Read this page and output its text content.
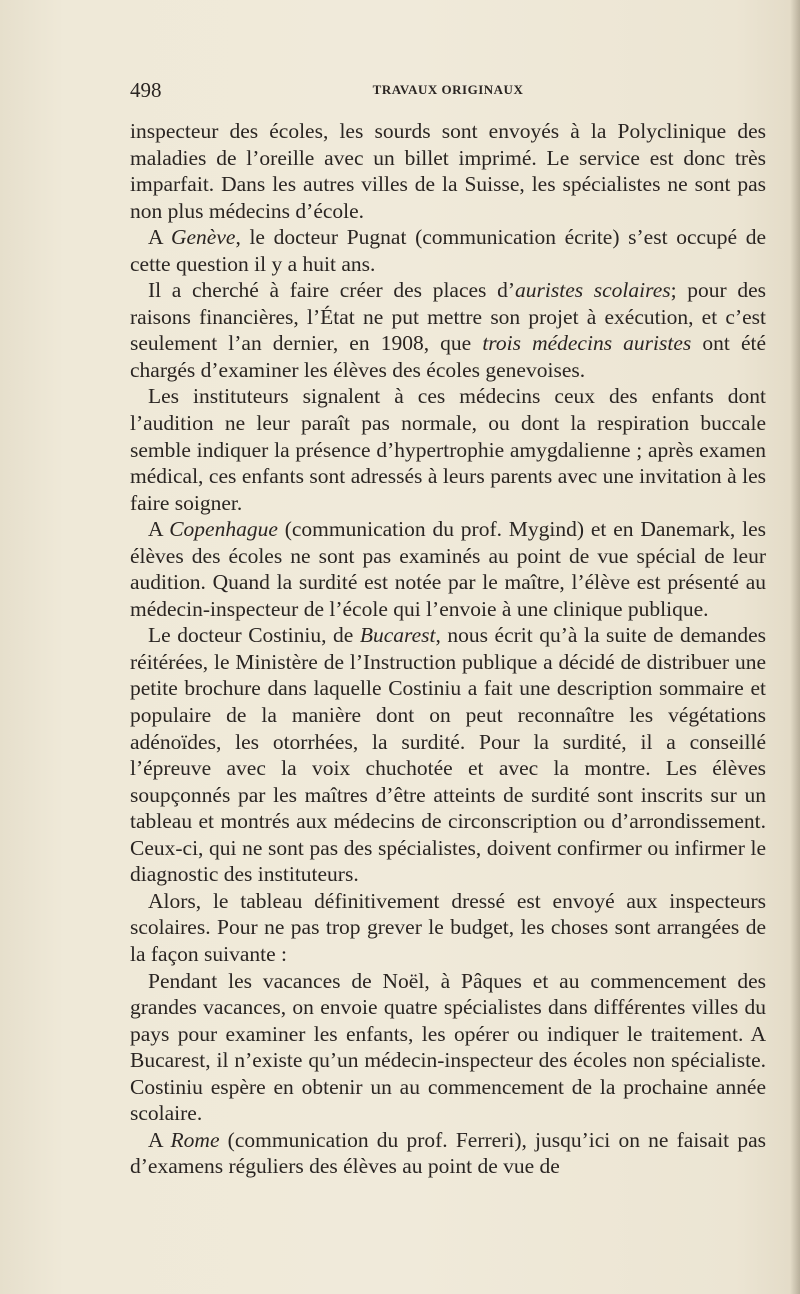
498	TRAVAUX ORIGINAUX

inspecteur des écoles, les sourds sont envoyés à la Polyclinique des maladies de l’oreille avec un billet imprimé. Le service est donc très imparfait. Dans les autres villes de la Suisse, les spécialistes ne sont pas non plus médecins d’école.

A Genève, le docteur Pugnat (communication écrite) s’est occupé de cette question il y a huit ans.

Il a cherché à faire créer des places d’auristes scolaires; pour des raisons financières, l’État ne put mettre son projet à exécution, et c’est seulement l’an dernier, en 1908, que trois médecins auristes ont été chargés d’examiner les élèves des écoles genevoises.

Les instituteurs signalent à ces médecins ceux des enfants dont l’audition ne leur paraît pas normale, ou dont la respiration buccale semble indiquer la présence d’hypertrophie amygdalienne ; après examen médical, ces enfants sont adressés à leurs parents avec une invitation à les faire soigner.

A Copenhague (communication du prof. Mygind) et en Danemark, les élèves des écoles ne sont pas examinés au point de vue spécial de leur audition. Quand la surdité est notée par le maître, l’élève est présenté au médecin-inspecteur de l’école qui l’envoie à une clinique publique.

Le docteur Costiniu, de Bucarest, nous écrit qu’à la suite de demandes réitérées, le Ministère de l’Instruction publique a décidé de distribuer une petite brochure dans laquelle Costiniu a fait une description sommaire et populaire de la manière dont on peut reconnaître les végétations adénoïdes, les otorrhées, la surdité. Pour la surdité, il a conseillé l’épreuve avec la voix chuchotée et avec la montre. Les élèves soupçonnés par les maîtres d’être atteints de surdité sont inscrits sur un tableau et montrés aux médecins de circonscription ou d’arrondissement. Ceux-ci, qui ne sont pas des spécialistes, doivent confirmer ou infirmer le diagnostic des instituteurs.

Alors, le tableau définitivement dressé est envoyé aux inspecteurs scolaires. Pour ne pas trop grever le budget, les choses sont arrangées de la façon suivante :

Pendant les vacances de Noël, à Pâques et au commencement des grandes vacances, on envoie quatre spécialistes dans différentes villes du pays pour examiner les enfants, les opérer ou indiquer le traitement. A Bucarest, il n’existe qu’un médecin-inspecteur des écoles non spécialiste. Costiniu espère en obtenir un au commencement de la prochaine année scolaire.

A Rome (communication du prof. Ferreri), jusqu’ici on ne faisait pas d’examens réguliers des élèves au point de vue de
